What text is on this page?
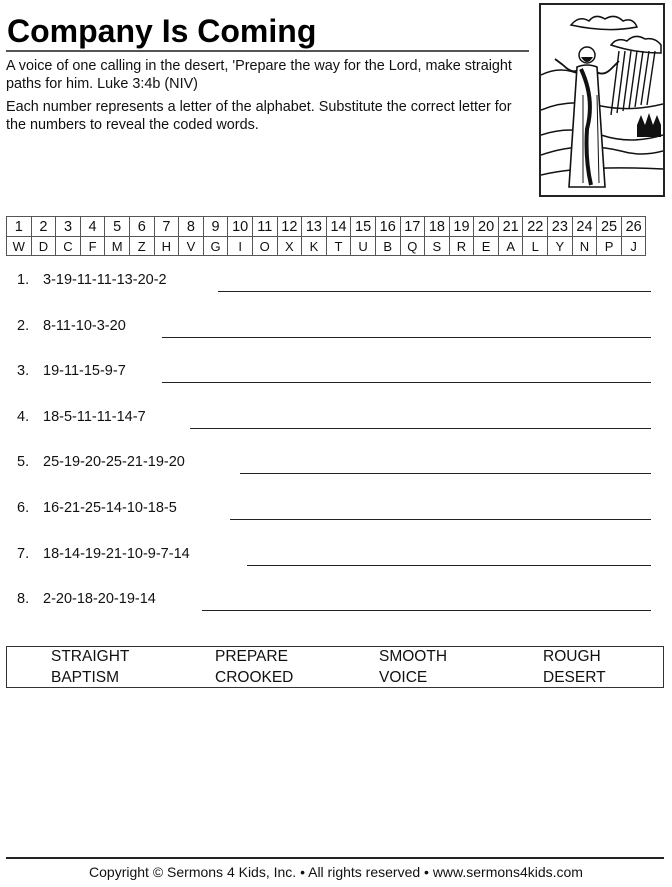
Company Is Coming

A voice of one calling in the desert, 'Prepare the way for the Lord, make straight paths for him. Luke 3:4b (NIV)

Each number represents a letter of the alphabet. Substitute the correct letter for the numbers to reveal the coded words.

1	2	3	4	5	6	7	8	9	10	11	12	13	14	15	16	17	18	19	20	21	22	23	24	25	26
W	D	C	F	M	Z	H	V	G	I	O	X	K	T	U	B	Q	S	R	E	A	L	Y	N	P	J
1. 3-19-11-11-13-20-2
2. 8-11-10-3-20
3. 19-11-15-9-7
4. 18-5-11-11-14-7
5. 25-19-20-25-21-19-20
6. 16-21-25-14-10-18-5
7. 18-14-19-21-10-9-7-14
8. 2-20-18-20-19-14
STRAIGHT	PREPARE	SMOOTH	ROUGH
BAPTISM	CROOKED	VOICE	DESERT
Copyright © Sermons 4 Kids, Inc. • All rights reserved • www.sermons4kids.com
